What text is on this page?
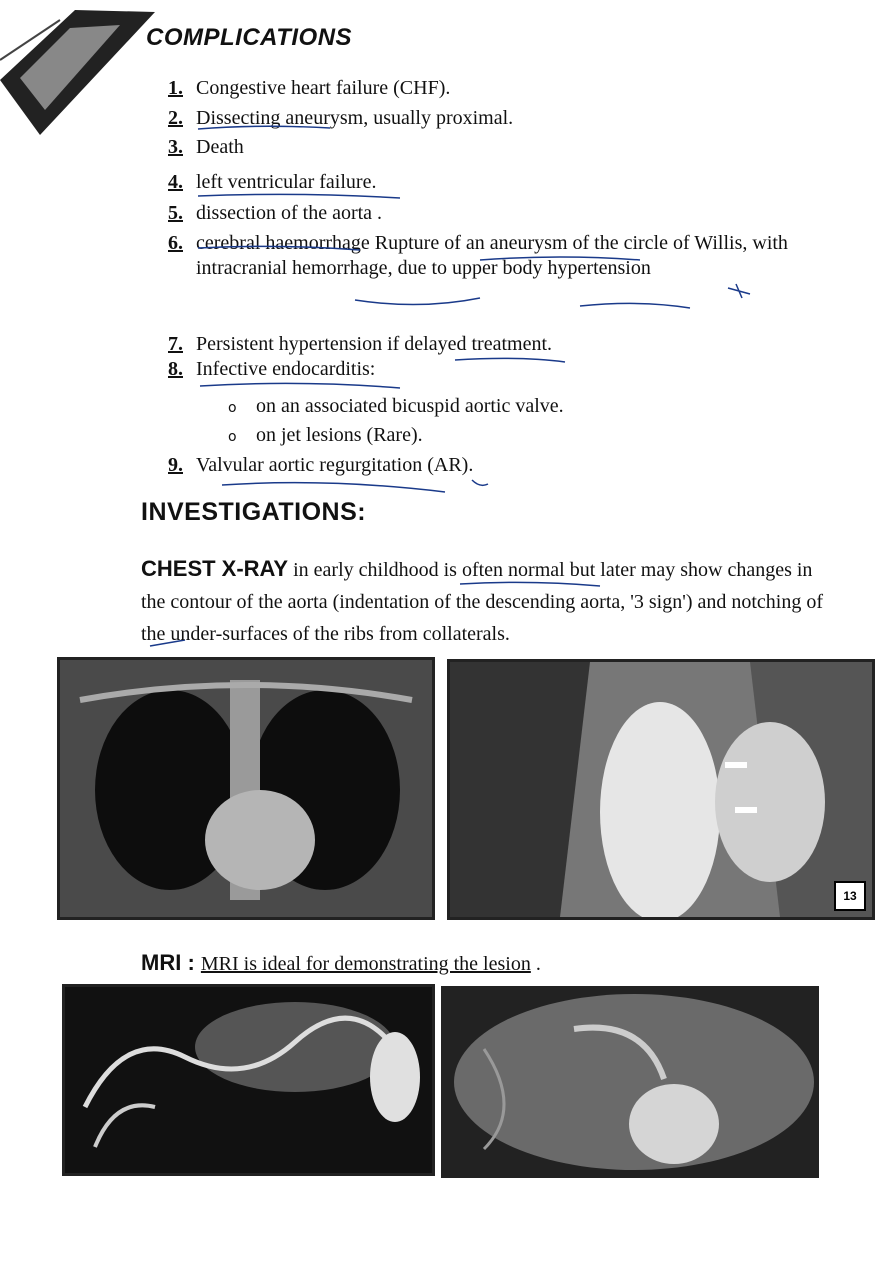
COMPLICATIONS
1. Congestive heart failure (CHF).
2. Dissecting aneurysm, usually proximal.
3. Death
4. left ventricular failure.
5. dissection of the aorta .
6. cerebral haemorrhage Rupture of an aneurysm of the circle of Willis, with intracranial hemorrhage, due to upper body hypertension
7. Persistent hypertension if delayed treatment.
8. Infective endocarditis:
o on an associated bicuspid aortic valve.
o on jet lesions (Rare).
9. Valvular aortic regurgitation (AR).
INVESTIGATIONS:
CHEST X-RAY in early childhood is often normal but later may show changes in the contour of the aorta (indentation of the descending aorta, '3 sign') and notching of the under-surfaces of the ribs from collaterals.
13
MRI : MRI is ideal for demonstrating the lesion .
